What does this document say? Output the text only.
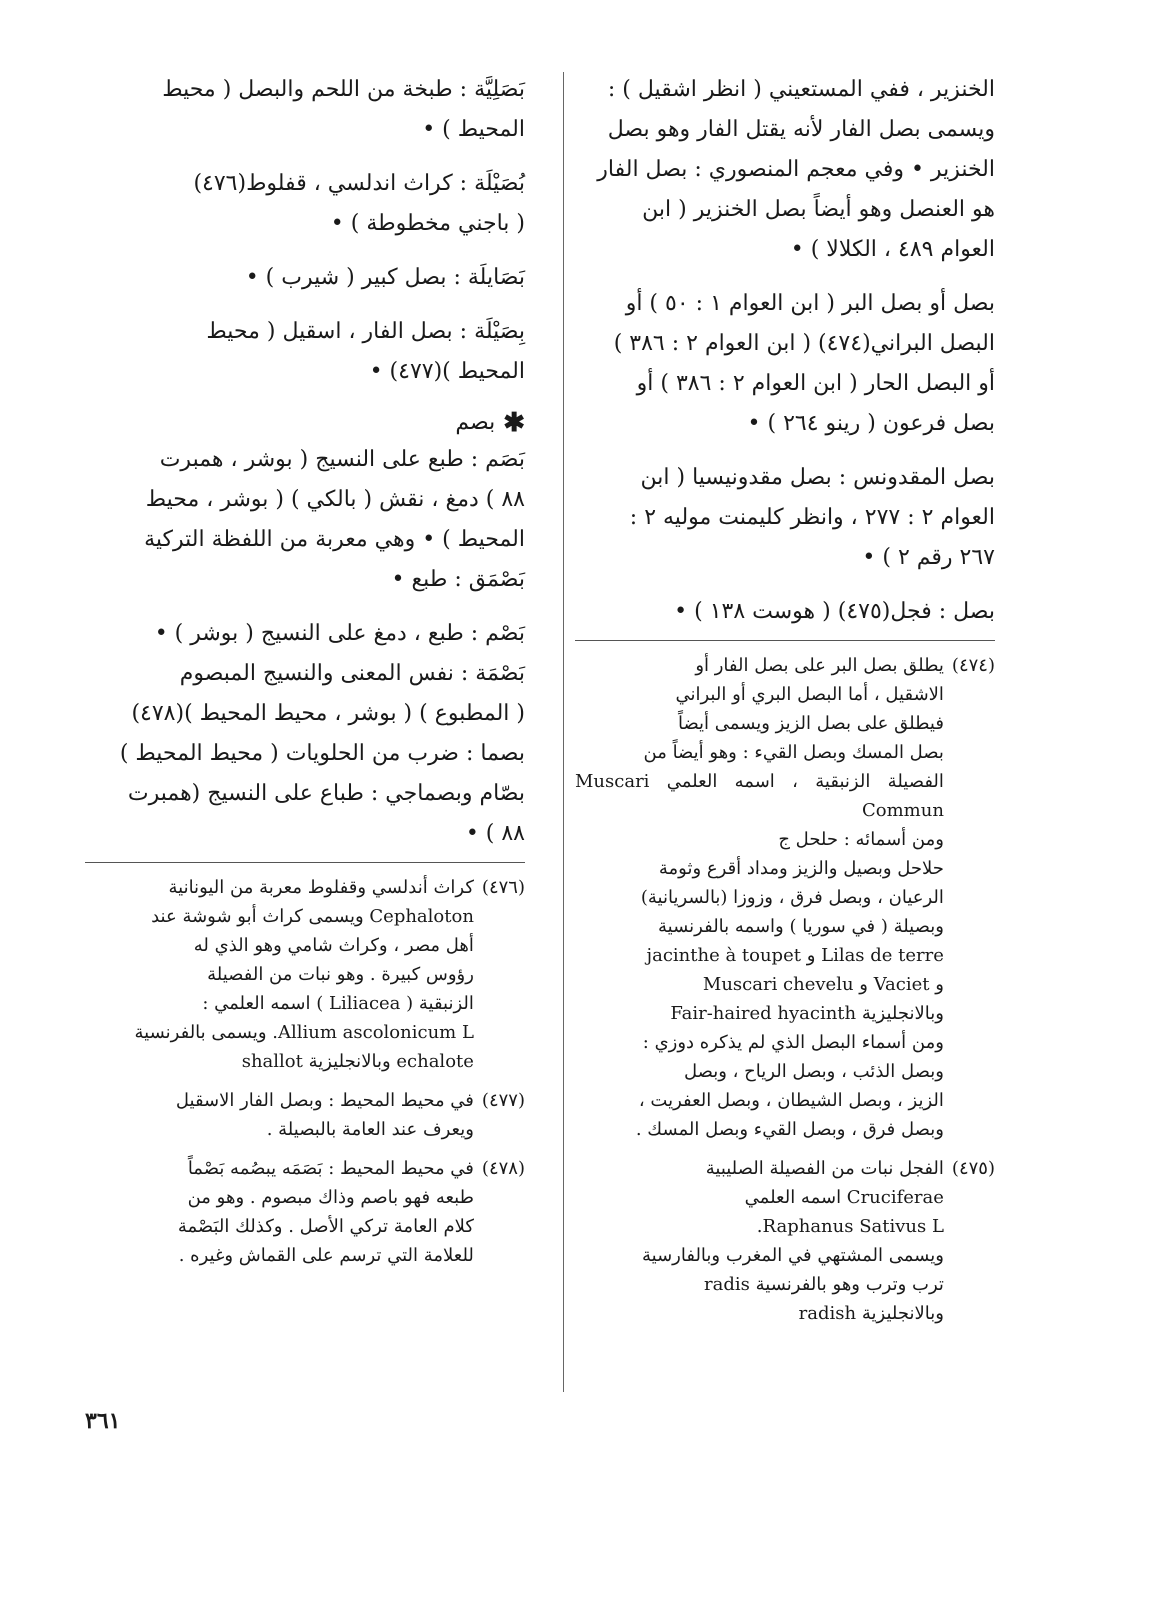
الخنزير ، ففي المستعيني ( انظر اشقيل ) :
ويسمى بصل الفار لأنه يقتل الفار وهو بصل
الخنزير • وفي معجم المنصوري : بصل الفار
هو العنصل وهو أيضاً بصل الخنزير ( ابن
العوام ٤٨٩ ، الكلالا ) •

بصل أو بصل البر ( ابن العوام ١ : ٥٠ ) أو
البصل البراني(٤٧٤) ( ابن العوام ٢ : ٣٨٦ )
أو البصل الحار ( ابن العوام ٢ : ٣٨٦ ) أو
بصل فرعون ( رينو ٢٦٤ ) •

بصل المقدونس : بصل مقدونيسيا ( ابن
العوام ٢ : ٢٧٧ ، وانظر كليمنت موليه ٢ :
٢٦٧ رقم ٢ ) •

بصل : فجل(٤٧٥) ( هوست ١٣٨ ) •

(٤٧٤)
يطلق بصل البر على بصل الفار أو
الاشقيل ، أما البصل البري أو البراني
فيطلق على بصل الزيز ويسمى أيضاً
بصل المسك وبصل القيء : وهو أيضاً من
الفصيلة الزنبقية ، اسمه العلمي Muscari Commun
ومن أسمائه : حلحل ج
حلاحل وبصيل والزيز ومداد أقرع وثومة
الرعيان ، وبصل فرق ، وزوزا (بالسريانية)
وبصيلة ( في سوريا ) واسمه بالفرنسية
Lilas de terre و jacinthe à toupet
و Vaciet و Muscari chevelu
وبالانجليزية Fair-haired hyacinth
ومن أسماء البصل الذي لم يذكره دوزي :
وبصل الذئب ، وبصل الرياح ، وبصل
الزيز ، وبصل الشيطان ، وبصل العفريت ،
وبصل فرق ، وبصل القيء وبصل المسك .
(٤٧٥)
الفجل نبات من الفصيلة الصليبية
Cruciferae اسمه العلمي
Raphanus Sativus L.
ويسمى المشتهي في المغرب وبالفارسية
ترب وترب وهو بالفرنسية radis
وبالانجليزية radish

بَصَلِيَّة : طبخة من اللحم والبصل ( محيط
المحيط ) •

بُصَيْلَة : كراث اندلسي ، قفلوط(٤٧٦)
( باجني مخطوطة ) •

بَصَايلَة : بصل كبير ( شيرب ) •

بِصَيْلَة : بصل الفار ، اسقيل ( محيط
المحيط )(٤٧٧) •

✱
بصم

بَصَم : طبع على النسيج ( بوشر ، همبرت
٨٨ ) دمغ ، نقش ( بالكي ) ( بوشر ، محيط
المحيط ) • وهي معربة من اللفظة التركية
بَصْمَق : طبع •

بَصْم : طبع ، دمغ على النسيج ( بوشر ) •
بَصْمَة : نفس المعنى والنسيج المبصوم
( المطبوع ) ( بوشر ، محيط المحيط )(٤٧٨)
بصما : ضرب من الحلويات ( محيط المحيط )
بصّام وبصماجي : طباع على النسيج (همبرت
٨٨ ) •

(٤٧٦)
كراث أندلسي وقفلوط معربة من اليونانية
Cephaloton ويسمى كراث أبو شوشة عند
أهل مصر ، وكراث شامي وهو الذي له
رؤوس كبيرة . وهو نبات من الفصيلة
الزنبقية ( Liliacea ) اسمه العلمي :
Allium ascolonicum L. ويسمى بالفرنسية
echalote وبالانجليزية shallot
(٤٧٧)
في محيط المحيط : وبصل الفار الاسقيل
ويعرف عند العامة بالبصيلة .
(٤٧٨)
في محيط المحيط : بَصَمَه يبصُمه بَصْماً
طبعه فهو باصم وذاك مبصوم . وهو من
كلام العامة تركي الأصل . وكذلك البَصْمة
للعلامة التي ترسم على القماش وغيره .
٣٦١
